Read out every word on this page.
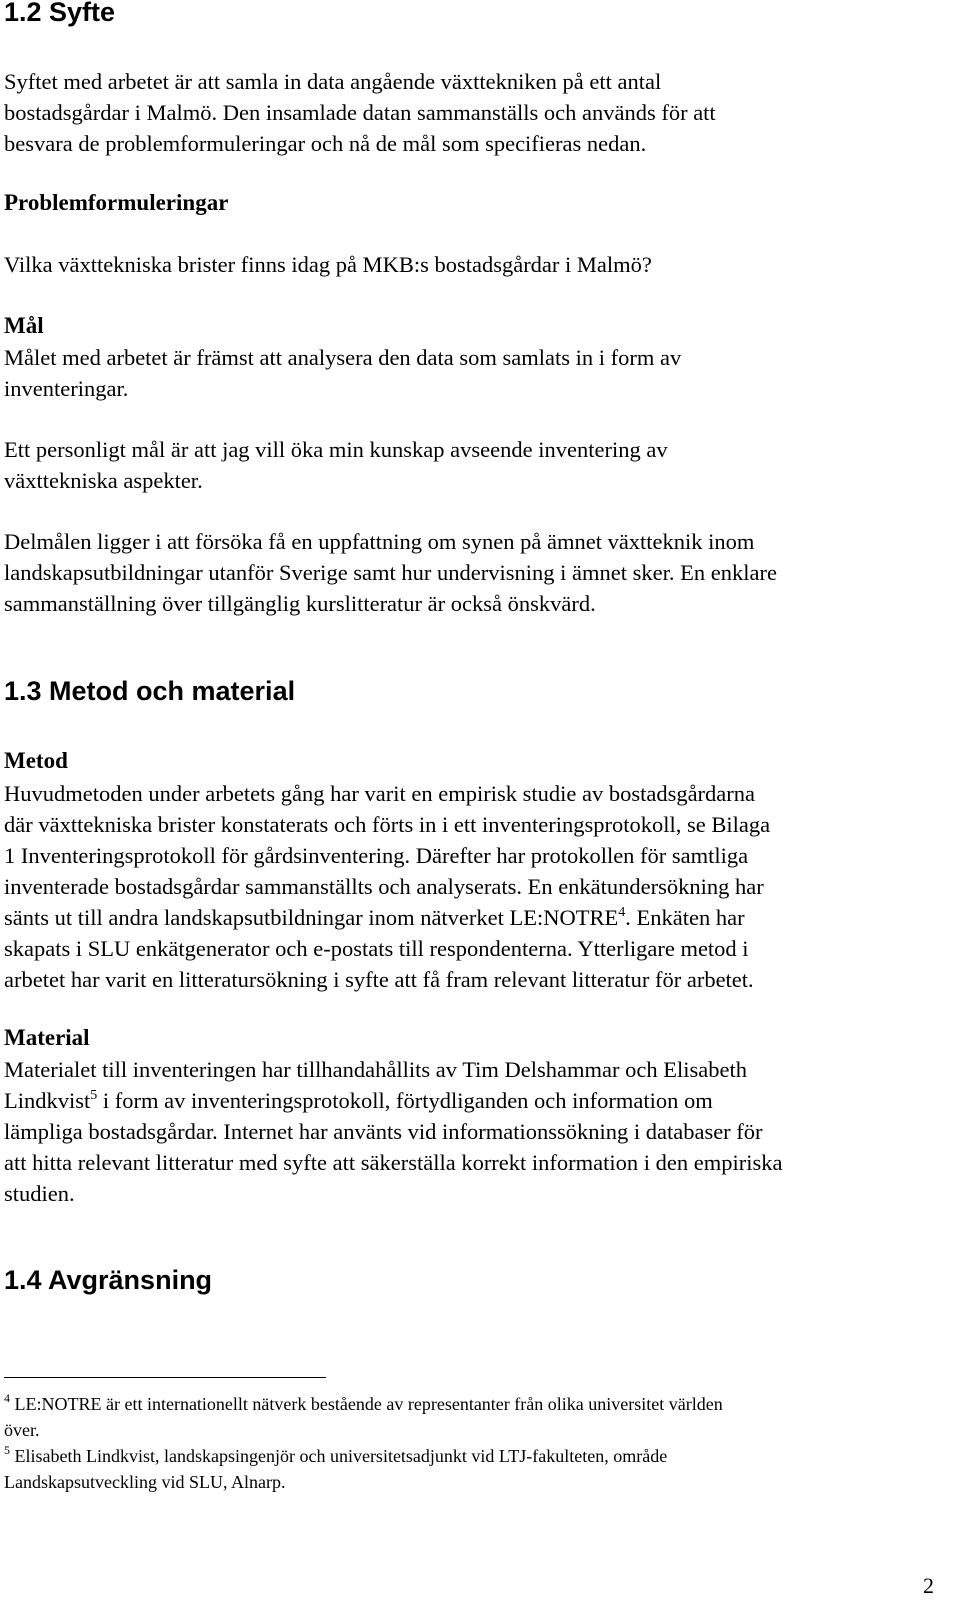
1.2 Syfte

Syftet med arbetet är att samla in data angående växttekniken på ett antal
bostadsgårdar i Malmö. Den insamlade datan sammanställs och används för att
besvara de problemformuleringar och nå de mål som specifieras nedan.

Problemformuleringar

Vilka växttekniska brister finns idag på MKB:s bostadsgårdar i Malmö?

Mål

Målet med arbetet är främst att analysera den data som samlats in i form av
inventeringar.

Ett personligt mål är att jag vill öka min kunskap avseende inventering av
växttekniska aspekter.

Delmålen ligger i att försöka få en uppfattning om synen på ämnet växtteknik inom
landskapsutbildningar utanför Sverige samt hur undervisning i ämnet sker. En enklare
sammanställning över tillgänglig kurslitteratur är också önskvärd.

1.3 Metod och material
Metod

Huvudmetoden under arbetets gång har varit en empirisk studie av bostadsgårdarna
där växttekniska brister konstaterats och förts in i ett inventeringsprotokoll, se Bilaga
1 Inventeringsprotokoll för gårdsinventering. Därefter har protokollen för samtliga
inventerade bostadsgårdar sammanställts och analyserats. En enkätundersökning har
sänts ut till andra landskapsutbildningar inom nätverket LE:NOTRE$^4$. Enkäten har
skapats i SLU enkätgenerator och e-postats till respondenterna. Ytterligare metod i
arbetet har varit en litteratursökning i syfte att få fram relevant litteratur för arbetet.

Material

Materialet till inventeringen har tillhandahållits av Tim Delshammar och Elisabeth
Lindkvist$^5$ i form av inventeringsprotokoll, förtydliganden och information om
lämpliga bostadsgårdar. Internet har använts vid informationssökning i databaser för
att hitta relevant litteratur med syfte att säkerställa korrekt information i den empiriska
studien.

1.4 Avgränsning

$^4$ LE:NOTRE är ett internationellt nätverk bestående av representanter från olika universitet världen
över.

$^5$ Elisabeth Lindkvist, landskapsingenjör och universitetsadjunkt vid LTJ-fakulteten, område
Landskapsutveckling vid SLU, Alnarp.

2
